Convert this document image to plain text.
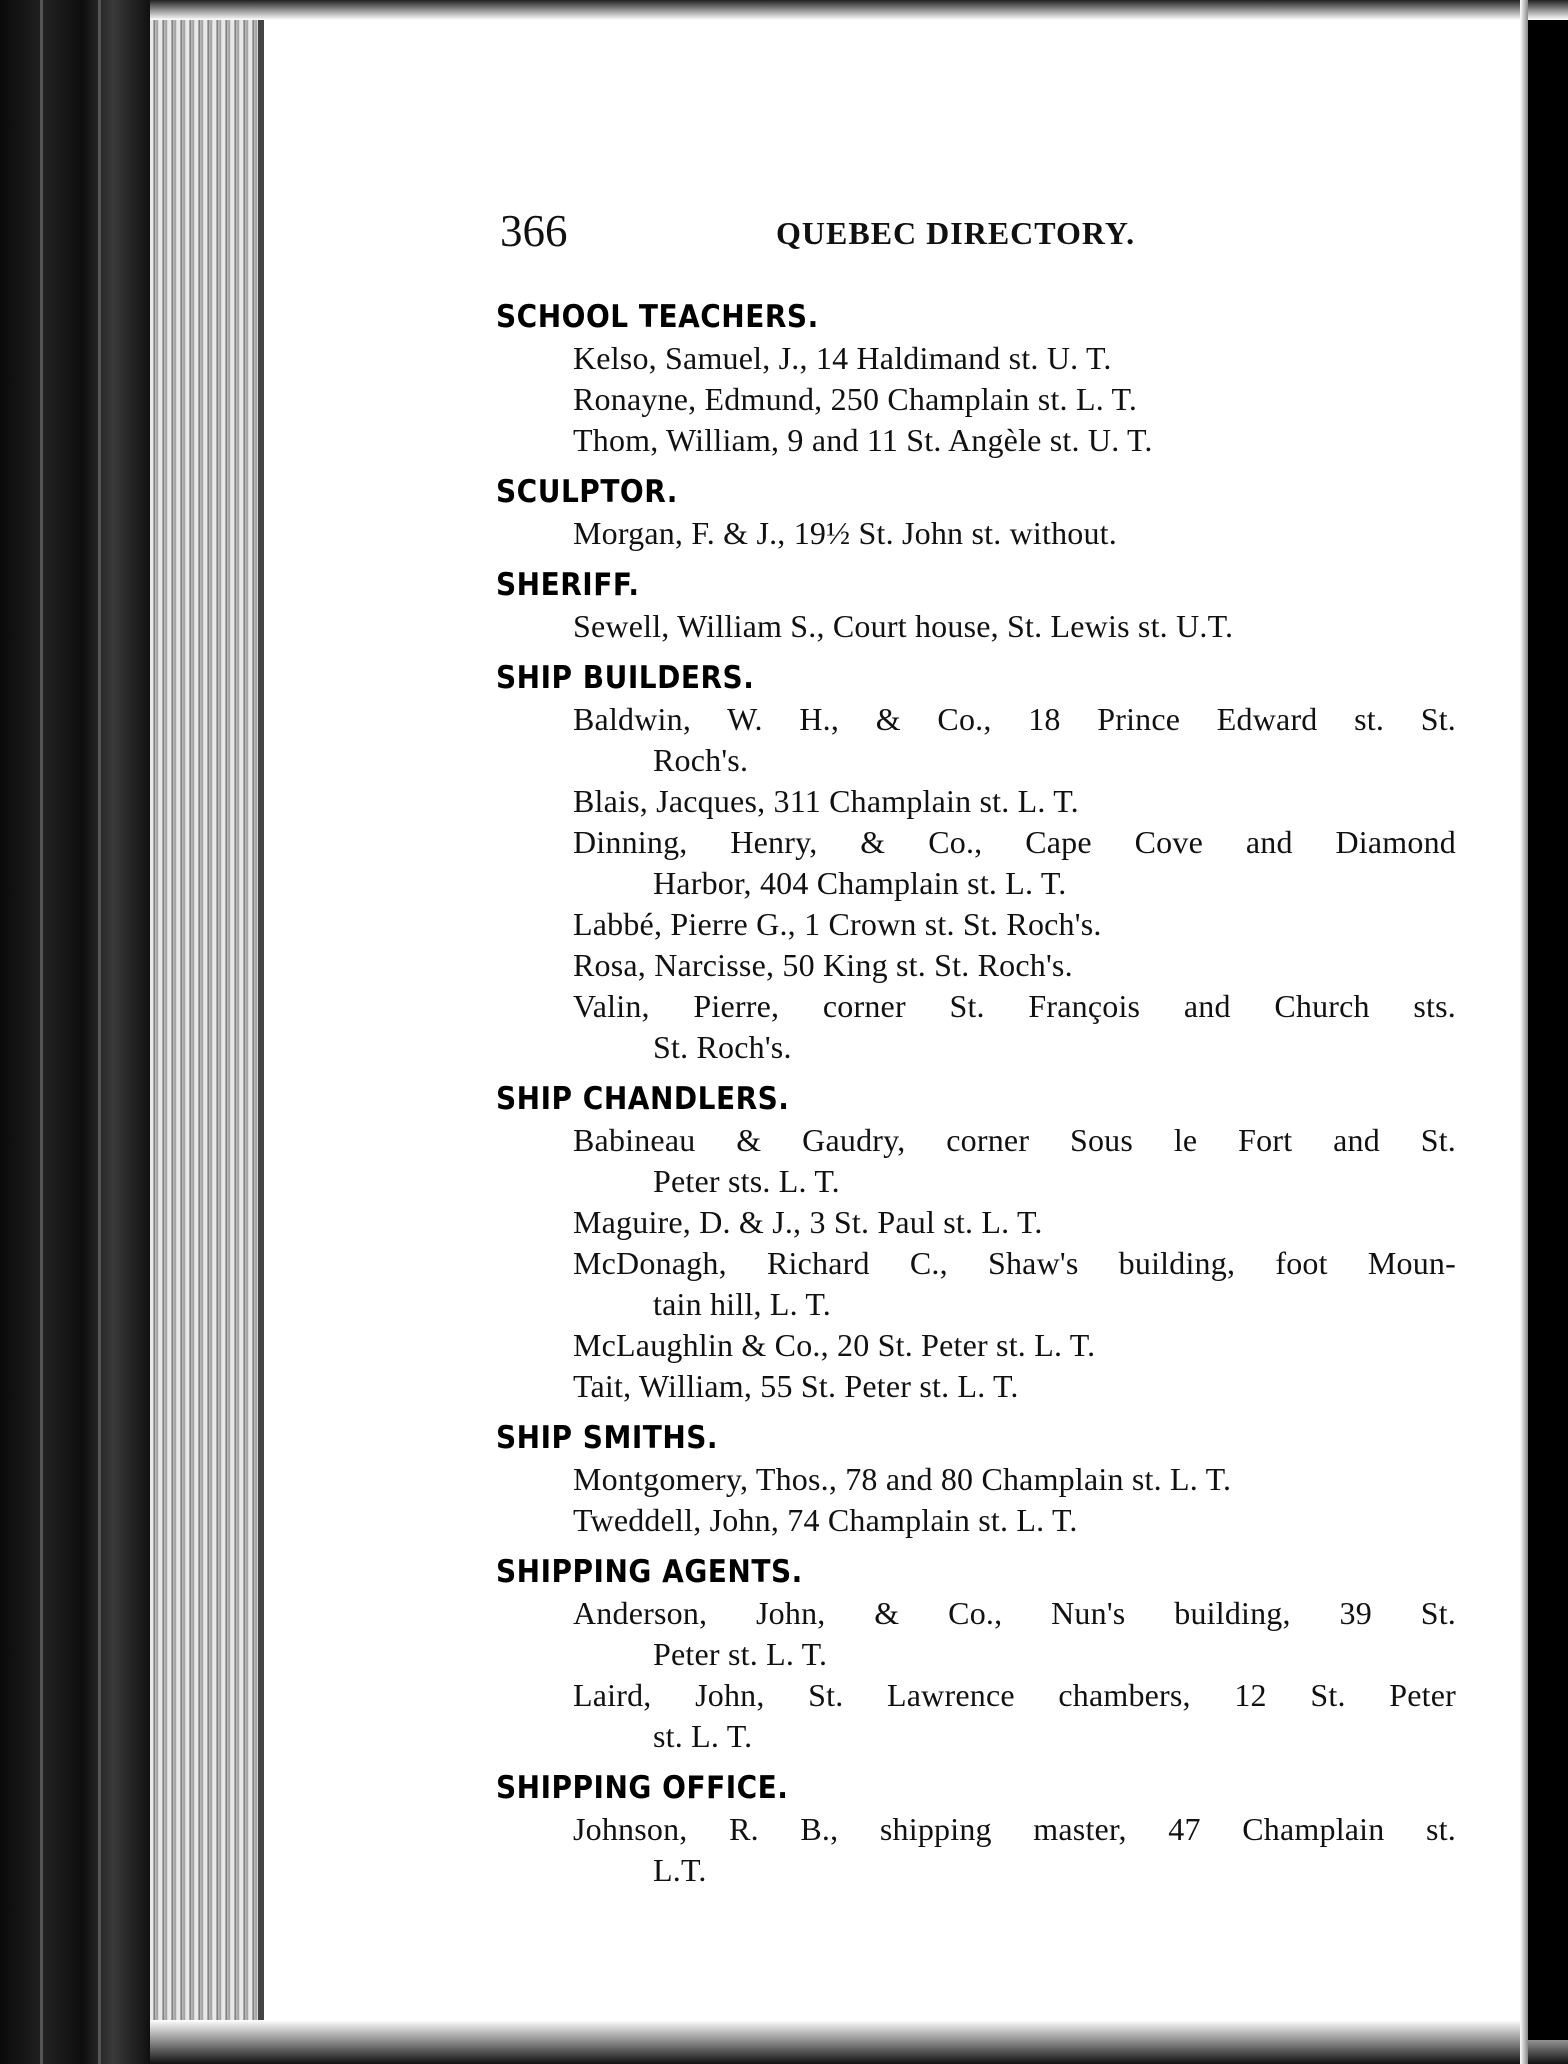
366	QUEBEC DIRECTORY.
SCHOOL TEACHERS.
Kelso, Samuel, J., 14 Haldimand st. U. T.
Ronayne, Edmund, 250 Champlain st. L. T.
Thom, William, 9 and 11 St. Angèle st. U. T.
SCULPTOR.
Morgan, F. & J., 19½ St. John st. without.
SHERIFF.
Sewell, William S., Court house, St. Lewis st. U.T.
SHIP BUILDERS.
Baldwin, W. H., & Co., 18 Prince Edward st. St.
Roch's.
Blais, Jacques, 311 Champlain st. L. T.
Dinning, Henry, & Co., Cape Cove and Diamond
Harbor, 404 Champlain st. L. T.
Labbé, Pierre G., 1 Crown st. St. Roch's.
Rosa, Narcisse, 50 King st. St. Roch's.
Valin, Pierre, corner St. François and Church sts.
St. Roch's.
SHIP CHANDLERS.
Babineau & Gaudry, corner Sous le Fort and St.
Peter sts. L. T.
Maguire, D. & J., 3 St. Paul st. L. T.
McDonagh, Richard C., Shaw's building, foot Moun-
tain hill, L. T.
McLaughlin & Co., 20 St. Peter st. L. T.
Tait, William, 55 St. Peter st. L. T.
SHIP SMITHS.
Montgomery, Thos., 78 and 80 Champlain st. L. T.
Tweddell, John, 74 Champlain st. L. T.
SHIPPING AGENTS.
Anderson, John, & Co., Nun's building, 39 St.
Peter st. L. T.
Laird, John, St. Lawrence chambers, 12 St. Peter
st. L. T.
SHIPPING OFFICE.
Johnson, R. B., shipping master, 47 Champlain st.
L.T.
